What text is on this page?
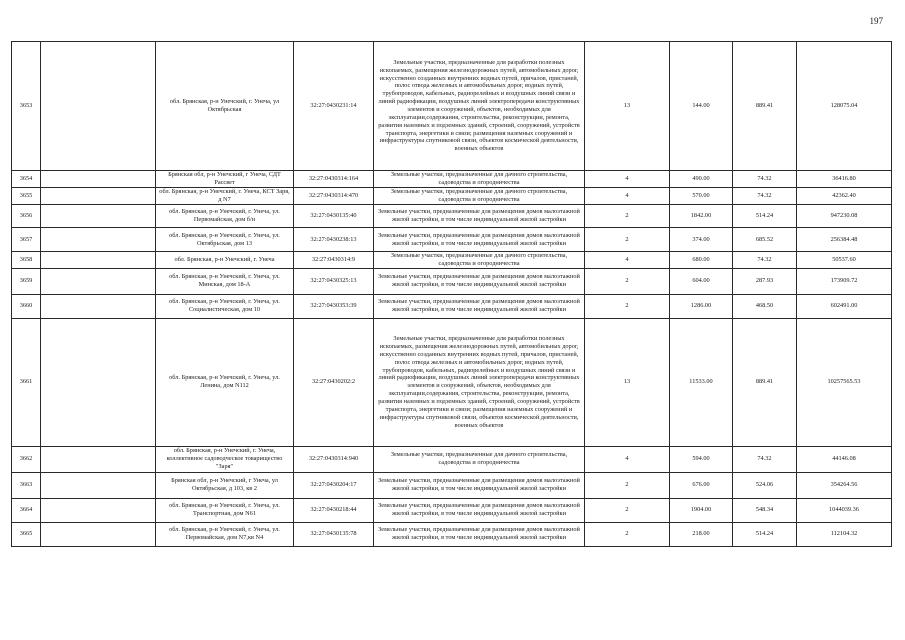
197
3653		обл. Брянская, р-н Унечский, г. Унеча, ул Октябрьская	32:27:0430231:14	Земельные участки, предназначенные для разработки полезных ископаемых, размещения железнодорожных путей, автомобильных дорог, искусственно созданных внутренних водных путей, причалов, пристаней, полос отвода железных и автомобильных дорог, водных путей, трубопроводов, кабельных, радиорелейных и воздушных линий связи и линий радиофикации, воздушных линий электропередачи конструктивных элементов и сооружений, объектов, необходимых для эксплуатации,содержания, строительства, реконструкции, ремонта, развития наземных и подземных зданий, строений, сооружений, устройств транспорта, энергетики и связи; размещения наземных сооружений и инфраструктуры спутниковой связи, объектов космической деятельности, военных объектов	13	144.00	889.41	128075.04
3654		Брянская обл, р-н Унечский, г Унеча, СДТ Рассвет	32:27:0430314:164	Земельные участки, предназначенные для дачного строительства, садоводства и огородничества	4	490.00	74.32	36416.80
3655		обл. Брянская, р-н Унечский, г. Унеча, КСТ Заря, д N7	32:27:0430314:470	Земельные участки, предназначенные для дачного строительства, садоводства и огородничества	4	570.00	74.32	42362.40
3656		обл. Брянская, р-н Унечский, г. Унеча, ул. Первомайская, дом б/н	32:27:0430135:40	Земельные участки, предназначенные для размещения домов малоэтажной жилой застройки, в том числе индивидуальной жилой застройки	2	1842.00	514.24	947230.08
3657		обл. Брянская, р-н Унечский, г. Унеча, ул. Октябрьская, дом 13	32:27:0430238:13	Земельные участки, предназначенные для размещения домов малоэтажной жилой застройки, в том числе индивидуальной жилой застройки	2	374.00	685.52	256384.48
3658		обл. Брянская, р-н Унечский, г. Унеча	32:27:0430314:9	Земельные участки, предназначенные для дачного строительства, садоводства и огородничества	4	680.00	74.32	50537.60
3659		обл. Брянская, р-н Унечский, г. Унеча, ул. Минская, дом 18-А	32:27:0430325:13	Земельные участки, предназначенные для размещения домов малоэтажной жилой застройки, в том числе индивидуальной жилой застройки	2	604.00	287.93	173909.72
3660		обл. Брянская, р-н Унечский, г. Унеча, ул. Социалистическая, дом 10	32:27:0430353:39	Земельные участки, предназначенные для размещения домов малоэтажной жилой застройки, в том числе индивидуальной жилой застройки	2	1286.00	468.50	602491.00
3661		обл. Брянская, р-н Унечский, г. Унеча, ул. Ленина, дом N112	32:27:0430202:2	Земельные участки, предназначенные для разработки полезных ископаемых, размещения железнодорожных путей, автомобильных дорог, искусственно созданных внутренних водных путей, причалов, пристаней, полос отвода железных и автомобильных дорог, водных путей, трубопроводов, кабельных, радиорелейных и воздушных линий связи и линий радиофикации, воздушных линий электропередачи конструктивных элементов и сооружений, объектов, необходимых для эксплуатации,содержания, строительства, реконструкции, ремонта, развития наземных и подземных зданий, строений, сооружений, устройств транспорта, энергетики и связи; размещения наземных сооружений и инфраструктуры спутниковой связи, объектов космической деятельности, военных объектов	13	11533.00	889.41	10257565.53
3662		обл. Брянская, р-н Унечский, г. Унеча, коллективное садоводческое товарищество "Заря"	32:27:0430314:940	Земельные участки, предназначенные для дачного строительства, садоводства и огородничества	4	594.00	74.32	44146.08
3663		Брянская обл, р-н Унечский, г Унеча, ул Октябрьская, д 103, кв 2	32:27:0430204:17	Земельные участки, предназначенные для размещения домов малоэтажной жилой застройки, в том числе индивидуальной жилой застройки	2	676.00	524.06	354264.56
3664		обл. Брянская, р-н Унечский, г. Унеча, ул. Транспортная, дом N61	32:27:0430218:44	Земельные участки, предназначенные для размещения домов малоэтажной жилой застройки, в том числе индивидуальной жилой застройки	2	1904.00	548.34	1044039.36
3665		обл. Брянская, р-н Унечский, г. Унеча, ул. Первомайская, дом N7,кв N4	32:27:0430135:78	Земельные участки, предназначенные для размещения домов малоэтажной жилой застройки, в том числе индивидуальной жилой застройки	2	218.00	514.24	112104.32
